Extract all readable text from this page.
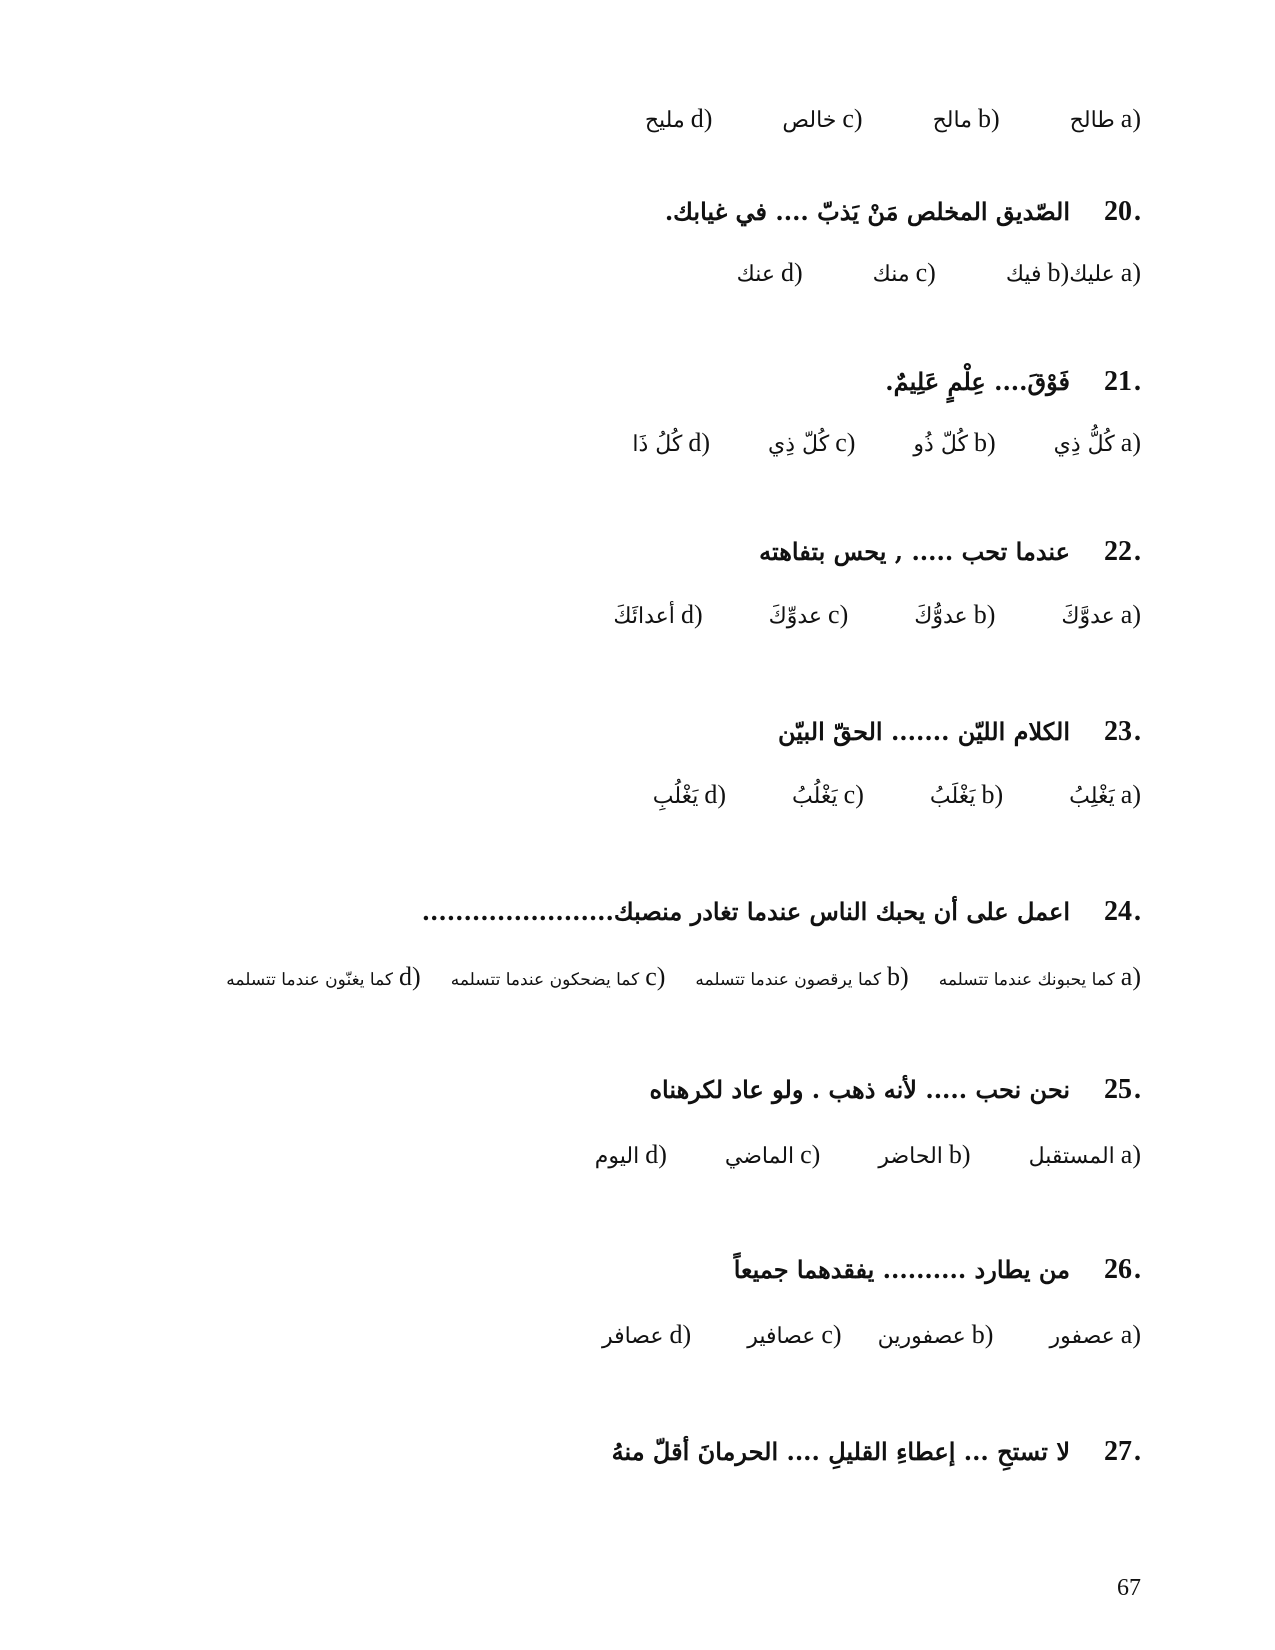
a)
طالح
b)
مالح
c)
خالص
d)
مليح
.
20
الصّديق المخلص مَنْ يَذبّ .... في غيابك.
a)
عليك
b)
فيك
c)
منك
d)
عنك
.
21
فَوْقَ.... عِلْمٍ عَلِيمٌ.
a)
كُلُّ ذِي
b)
كُلّ ذُو
c)
كُلّ ذِي
d)
كُلُ ذَا
.
22
عندما تحب ..... , يحس بتفاهته
a)
عدوَّكَ
b)
عدوُّكَ
c)
عدوِّكَ
d)
أعدائَكَ
.
23
الكلام الليّن ....... الحقّ البيّن
a)
يَغْلِبُ
b)
يَغْلَبُ
c)
يَغْلُبُ
d)
يَغْلُبِ
.
24
اعمل على أن يحبك الناس عندما تغادر منصبك.......................
a)
كما يحبونك عندما تتسلمه
b)
كما يرقصون عندما تتسلمه
c)
كما يضحكون عندما تتسلمه
d)
كما يغنّون عندما تتسلمه
.
25
نحن نحب ..... لأنه ذهب . ولو عاد لكرهناه
a)
المستقبل
b)
الحاضر
c)
الماضي
d)
اليوم
.
26
من يطارد .......... يفقدهما جميعاً
a)
عصفور
b)
عصفورين
c)
عصافير
d)
عصافر
.
27
لا تستحِ ... إعطاءِ القليلِ .... الحرمانَ أقلّ منهُ
67
